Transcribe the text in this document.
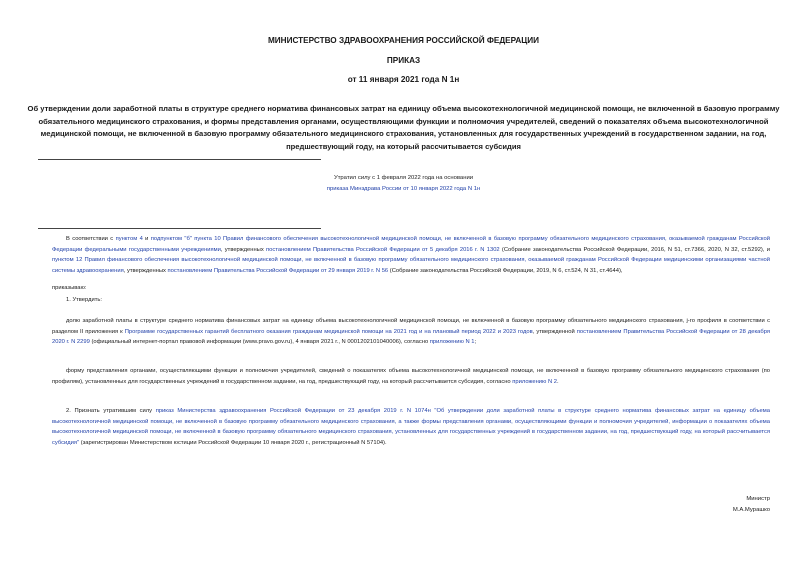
МИНИСТЕРСТВО ЗДРАВООХРАНЕНИЯ РОССИЙСКОЙ ФЕДЕРАЦИИ
ПРИКАЗ
от 11 января 2021 года N 1н
Об утверждении доли заработной платы в структуре среднего норматива финансовых затрат на единицу объема высокотехнологичной медицинской помощи, не включенной в базовую программу обязательного медицинского страхования, и формы представления органами, осуществляющими функции и полномочия учредителей, сведений о показателях объема высокотехнологичной медицинской помощи, не включенной в базовую программу обязательного медицинского страхования, установленных для государственных учреждений в государственном задании, на год, предшествующий году, на который рассчитывается субсидия
Утратил силу с 1 февраля 2022 года на основании
приказа Минздрава России от 10 января 2022 года N 1н
В соответствии с пунктом 4 и подпунктом "б" пункта 10 Правил финансового обеспечения высокотехнологичной медицинской помощи, не включенной в базовую программу обязательного медицинского страхования, оказываемой гражданам Российской Федерации федеральными государственными учреждениями, утвержденных постановлением Правительства Российской Федерации от 5 декабря 2016 г. N 1302 (Собрание законодательства Российской Федерации, 2016, N 51, ст.7366, 2020, N 32, ст.5292), и пунктом 12 Правил финансового обеспечения высокотехнологичной медицинской помощи, не включенной в базовую программу обязательного медицинского страхования, оказываемой гражданам Российской Федерации медицинскими организациями частной системы здравоохранения, утвержденных постановлением Правительства Российской Федерации от 29 января 2019 г. N 56 (Собрание законодательства Российской Федерации, 2019, N 6, ст.524, N 31, ст.4644),
приказываю:
1. Утвердить:
долю заработной платы в структуре среднего норматива финансовых затрат на единицу объема высокотехнологичной медицинской помощи, не включенной в базовую программу обязательного медицинского страхования, j-го профиля в соответствии с разделом II приложения к Программе государственных гарантий бесплатного оказания гражданам медицинской помощи на 2021 год и на плановый период 2022 и 2023 годов, утвержденной постановлением Правительства Российской Федерации от 28 декабря 2020 г. N 2299 (официальный интернет-портал правовой информации (www.pravo.gov.ru), 4 января 2021 г., N 0001202101040006), согласно приложению N 1;
форму представления органами, осуществляющими функции и полномочия учредителей, сведений о показателях объема высокотехнологичной медицинской помощи, не включенной в базовую программу обязательного медицинского страхования (по профилям), установленных для государственных учреждений в государственном задании, на год, предшествующий году, на который рассчитывается субсидия, согласно приложению N 2.
2. Признать утратившим силу приказ Министерства здравоохранения Российской Федерации от 23 декабря 2019 г. N 1074н "Об утверждении доли заработной платы в структуре среднего норматива финансовых затрат на единицу объема высокотехнологичной медицинской помощи, не включенной в базовую программу обязательного медицинского страхования, а также формы представления органами, осуществляющими функции и полномочия учредителей, информации о показателях объема высокотехнологичной медицинской помощи, не включенной в базовую программу обязательного медицинского страхования, установленных для государственных учреждений в государственном задании, на год, предшествующий году, на который рассчитывается субсидия" (зарегистрирован Министерством юстиции Российской Федерации 10 января 2020 г., регистрационный N 57104).
Министр
М.А.Мурашко
